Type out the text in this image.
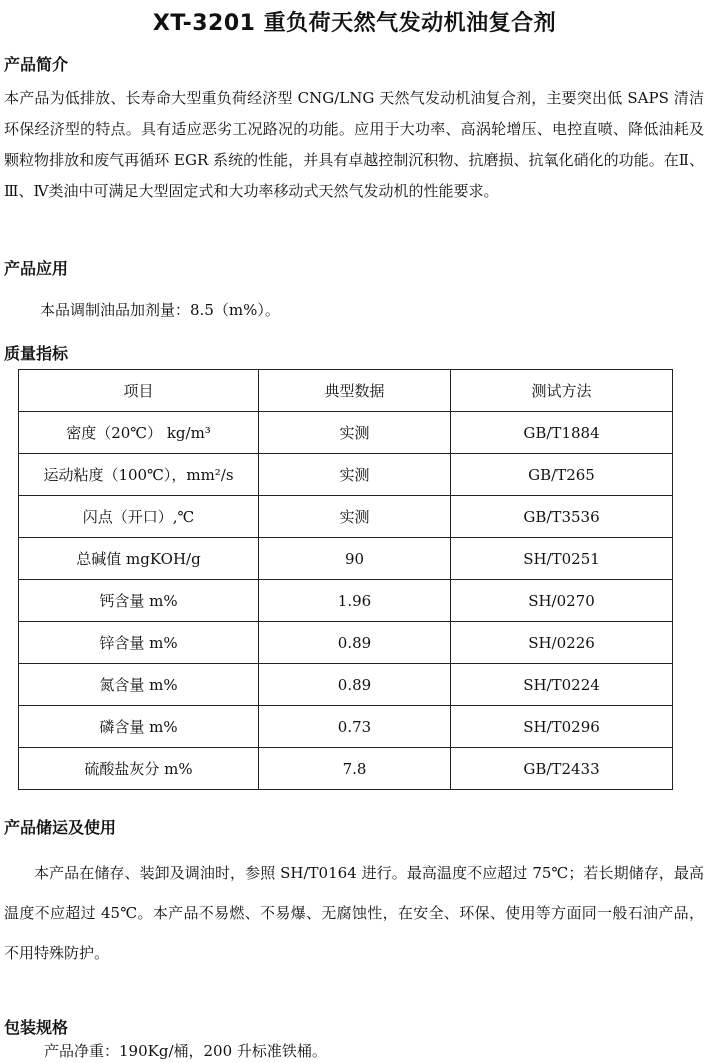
XT-3201 重负荷天然气发动机油复合剂
产品简介

本产品为低排放、长寿命大型重负荷经济型 CNG/LNG 天然气发动机油复合剂，主要突出低 SAPS 清洁环保经济型的特点。具有适应恶劣工况路况的功能。应用于大功率、高涡轮增压、电控直喷、降低油耗及颗粒物排放和废气再循环 EGR 系统的性能，并具有卓越控制沉积物、抗磨损、抗氧化硝化的功能。在Ⅱ、Ⅲ、Ⅳ类油中可满足大型固定式和大功率移动式天然气发动机的性能要求。

产品应用
本品调制油品加剂量：8.5（m%）。
质量指标
项目	典型数据	测试方法
密度（20℃） kg/m³	实测	GB/T1884
运动粘度（100℃），mm²/s	实测	GB/T265
闪点（开口）,℃	实测	GB/T3536
总碱值 mgKOH/g	90	SH/T0251
钙含量 m%	1.96	SH/0270
锌含量 m%	0.89	SH/0226
氮含量 m%	0.89	SH/T0224
磷含量 m%	0.73	SH/T0296
硫酸盐灰分 m%	7.8	GB/T2433
产品储运及使用

本产品在储存、装卸及调油时，参照 SH/T0164 进行。最高温度不应超过 75℃；若长期储存，最高温度不应超过 45℃。本产品不易燃、不易爆、无腐蚀性，在安全、环保、使用等方面同一般石油产品，不用特殊防护。

包装规格
产品净重：190Kg/桶，200 升标准铁桶。
